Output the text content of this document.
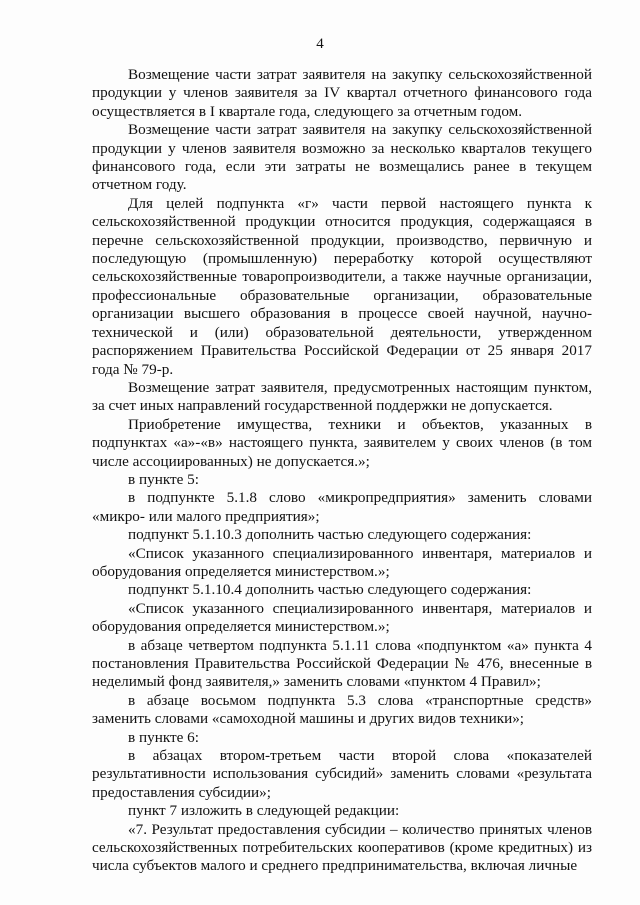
4

Возмещение части затрат заявителя на закупку сельскохозяйственной продукции у членов заявителя за IV квартал отчетного финансового года осуществляется в I квартале года, следующего за отчетным годом.

Возмещение части затрат заявителя на закупку сельскохозяйственной продукции у членов заявителя возможно за несколько кварталов текущего финансового года, если эти затраты не возмещались ранее в текущем отчетном году.

Для целей подпункта «г» части первой настоящего пункта к сельскохозяйственной продукции относится продукция, содержащаяся в перечне сельскохозяйственной продукции, производство, первичную и последующую (промышленную) переработку которой осуществляют сельскохозяйственные товаропроизводители, а также научные организации, профессиональные образовательные организации, образовательные организации высшего образования в процессе своей научной, научно-технической и (или) образовательной деятельности, утвержденном распоряжением Правительства Российской Федерации от 25 января 2017 года № 79-р.

Возмещение затрат заявителя, предусмотренных настоящим пунктом, за счет иных направлений государственной поддержки не допускается.

Приобретение имущества, техники и объектов, указанных в подпунктах «а»-«в» настоящего пункта, заявителем у своих членов (в том числе ассоциированных) не допускается.»;

в пункте 5:

в подпункте 5.1.8 слово «микропредприятия» заменить словами «микро- или малого предприятия»;

подпункт 5.1.10.3 дополнить частью следующего содержания:

«Список указанного специализированного инвентаря, материалов и оборудования определяется министерством.»;

подпункт 5.1.10.4 дополнить частью следующего содержания:

«Список указанного специализированного инвентаря, материалов и оборудования определяется министерством.»;

в абзаце четвертом подпункта 5.1.11 слова «подпунктом «а» пункта 4 постановления Правительства Российской Федерации № 476, внесенные в неделимый фонд заявителя,» заменить словами «пунктом 4 Правил»;

в абзаце восьмом подпункта 5.3 слова «транспортные средств» заменить словами «самоходной машины и других видов техники»;

в пункте 6:

в абзацах втором-третьем части второй слова «показателей результативности использования субсидий» заменить словами «результата предоставления субсидии»;

пункт 7 изложить в следующей редакции:

«7. Результат предоставления субсидии – количество принятых членов сельскохозяйственных потребительских кооперативов (кроме кредитных) из числа субъектов малого и среднего предпринимательства, включая личные
